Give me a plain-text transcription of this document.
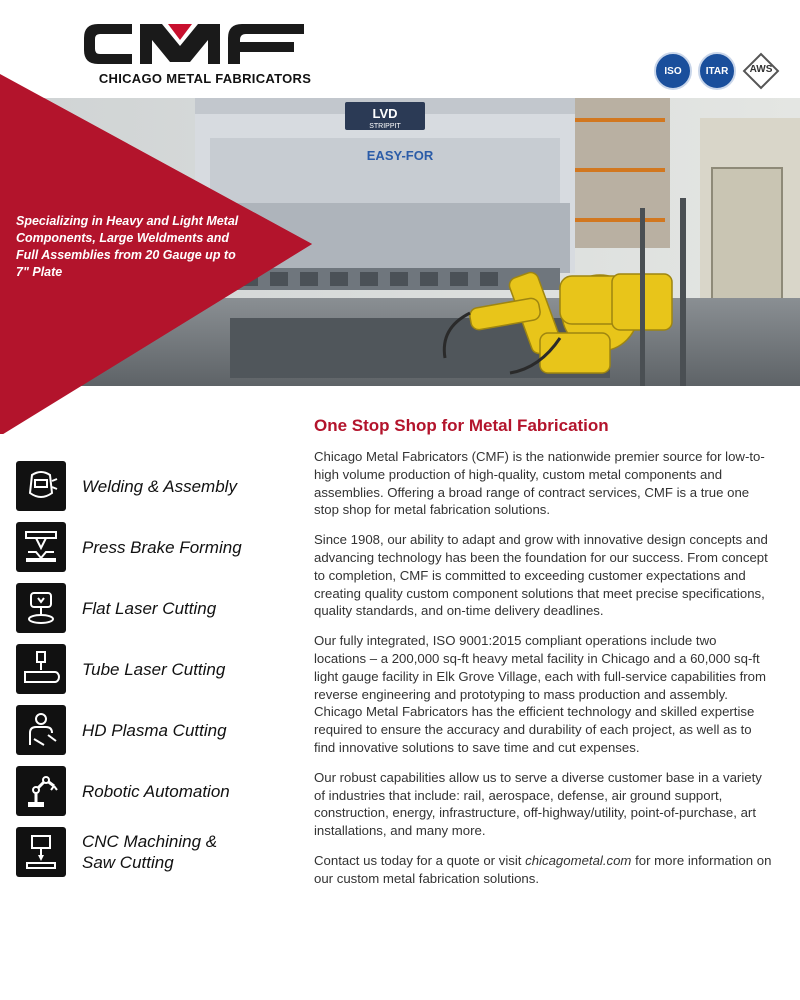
CHICAGO METAL FABRICATORS	ISO ITAR	AWS
LVD
STRIPPIT
EASY-FOR
Specializing in Heavy and Light Metal Components, Large Weldments and Full Assemblies from 20 Gauge up to 7" Plate
Welding & Assembly
Press Brake Forming
Flat Laser Cutting
Tube Laser Cutting
HD Plasma Cutting
Robotic Automation
CNC Machining &
Saw Cutting
One Stop Shop for Metal Fabrication

Chicago Metal Fabricators (CMF) is the nationwide premier source for low-to-high volume production of high-quality, custom metal components and assemblies. Offering a broad range of contract services, CMF is a true one stop shop for metal fabrication solutions.

Since 1908, our ability to adapt and grow with innovative design concepts and advancing technology has been the foundation for our success. From concept to completion, CMF is committed to exceeding customer expectations and creating quality custom component solutions that meet precise specifications, quality standards, and on-time delivery deadlines.

Our fully integrated, ISO 9001:2015 compliant operations include two locations – a 200,000 sq-ft heavy metal facility in Chicago and a 60,000 sq-ft light gauge facility in Elk Grove Village, each with full-service capabilities from reverse engineering and prototyping to mass production and assembly. Chicago Metal Fabricators has the efficient technology and skilled expertise required to ensure the accuracy and durability of each project, as well as to find innovative solutions to save time and cut expenses.

Our robust capabilities allow us to serve a diverse customer base in a variety of industries that include: rail, aerospace, defense, air ground support, construction, energy, infrastructure, off-highway/utility, point-of-purchase, art installations, and many more.

Contact us today for a quote or visit chicagometal.com for more information on our custom metal fabrication solutions.
